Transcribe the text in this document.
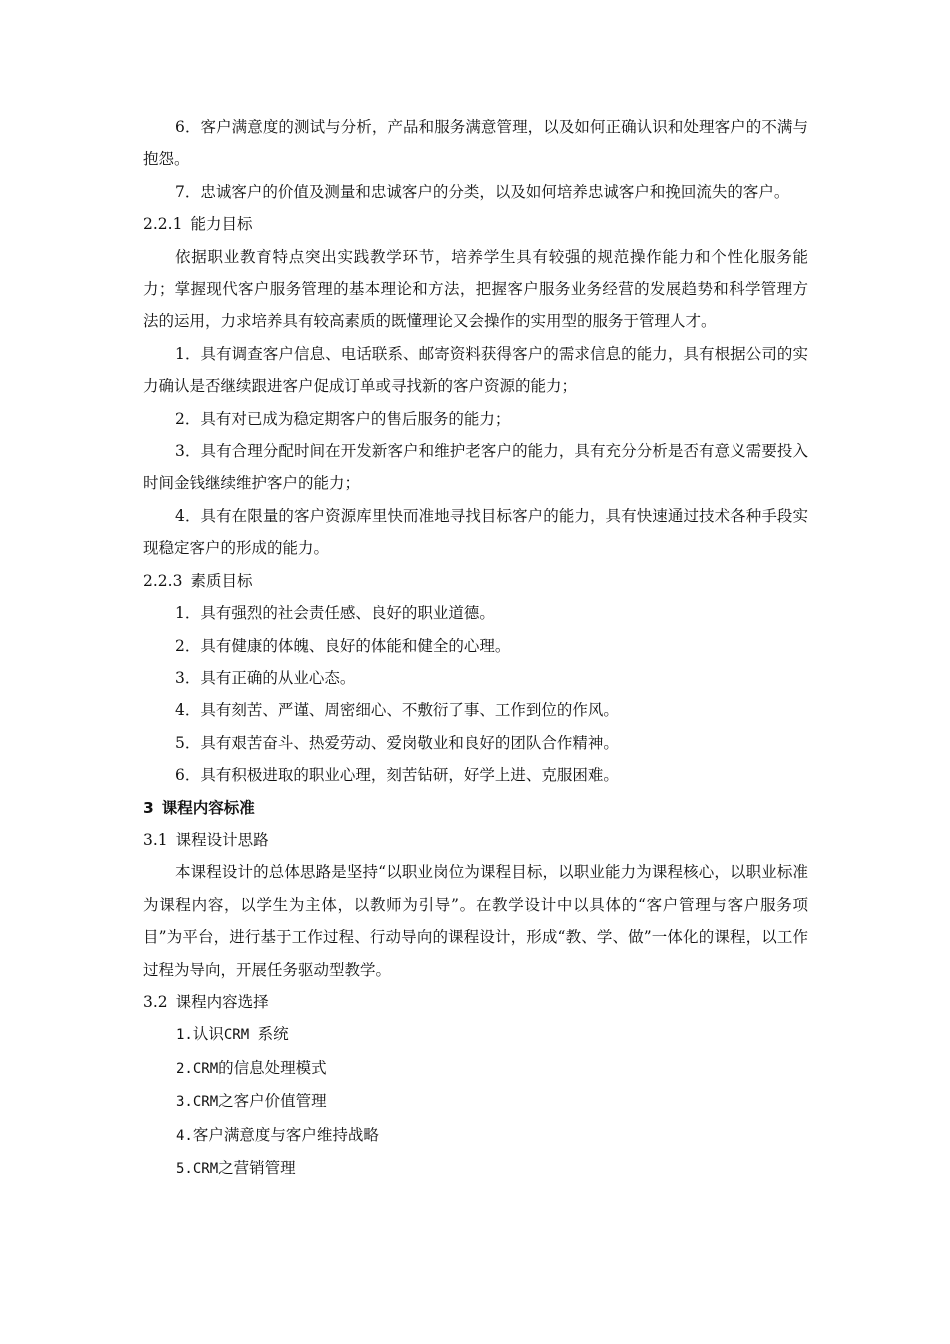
6．客户满意度的测试与分析，产品和服务满意管理，以及如何正确认识和处理客户的不满与抱怨。

7．忠诚客户的价值及测量和忠诚客户的分类，以及如何培养忠诚客户和挽回流失的客户。

2.2.1 能力目标

依据职业教育特点突出实践教学环节，培养学生具有较强的规范操作能力和个性化服务能力；掌握现代客户服务管理的基本理论和方法，把握客户服务业务经营的发展趋势和科学管理方法的运用，力求培养具有较高素质的既懂理论又会操作的实用型的服务于管理人才。

1．具有调查客户信息、电话联系、邮寄资料获得客户的需求信息的能力，具有根据公司的实力确认是否继续跟进客户促成订单或寻找新的客户资源的能力；

2．具有对已成为稳定期客户的售后服务的能力；

3．具有合理分配时间在开发新客户和维护老客户的能力，具有充分分析是否有意义需要投入时间金钱继续维护客户的能力；

4．具有在限量的客户资源库里快而准地寻找目标客户的能力，具有快速通过技术各种手段实现稳定客户的形成的能力。

2.2.3 素质目标

1．具有强烈的社会责任感、良好的职业道德。

2．具有健康的体魄、良好的体能和健全的心理。

3．具有正确的从业心态。

4．具有刻苦、严谨、周密细心、不敷衍了事、工作到位的作风。

5．具有艰苦奋斗、热爱劳动、爱岗敬业和良好的团队合作精神。

6．具有积极进取的职业心理，刻苦钻研，好学上进、克服困难。

3 课程内容标准

3.1 课程设计思路

本课程设计的总体思路是坚持“以职业岗位为课程目标，以职业能力为课程核心，以职业标准为课程内容，以学生为主体，以教师为引导”。在教学设计中以具体的“客户管理与客户服务项目”为平台，进行基于工作过程、行动导向的课程设计，形成“教、学、做”一体化的课程，以工作过程为导向，开展任务驱动型教学。

3.2 课程内容选择

1.认识CRM 系统

2.CRM的信息处理模式

3.CRM之客户价值管理

4.客户满意度与客户维持战略

5.CRM之营销管理
